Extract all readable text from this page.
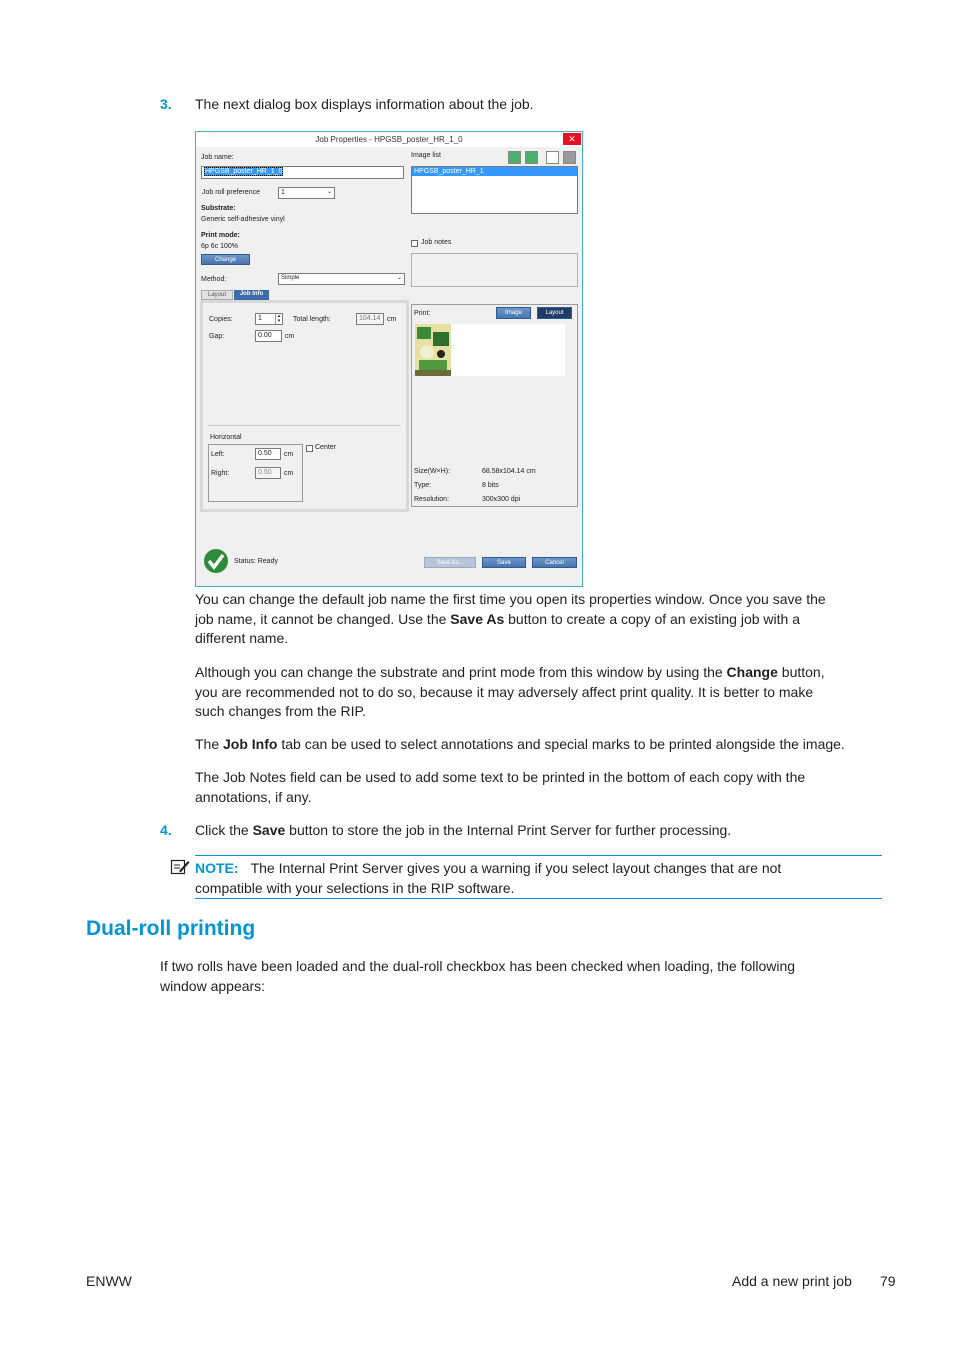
3. The next dialog box displays information about the job.
Job Properties - HPGSB_poster_HR_1_0	✕
Job name:
HPGSB_poster_HR_1_0
Job roll preference	1	⌄
Substrate:
Generic self-adhesive vinyl
Print mode:
6p 6c 100%
Change
Method:	Simple	⌄
Layout	Job Info
Copies:	1	▴
▾ Total length:	104.14 cm
Gap:	0.00	cm
Horizontal
Left:	0.50	cm
Right:	0.50	cm
Center
Image list
HPGSB_poster_HR_1
Job notes
Print:	Image	Layout
Size(W×H):	68.58x104.14 cm
Type:	8 bits
Resolution:	300x300 dpi
Status: Ready	Save As...	Save	Cancel
You can change the default job name the first time you open its properties window. Once you save the
job name, it cannot be changed. Use the Save As button to create a copy of an existing job with a
different name.
Although you can change the substrate and print mode from this window by using the Change button,
you are recommended not to do so, because it may adversely affect print quality. It is better to make
such changes from the RIP.
The Job Info tab can be used to select annotations and special marks to be printed alongside the image.
The Job Notes field can be used to add some text to be printed in the bottom of each copy with the
annotations, if any.
4. Click the Save button to store the job in the Internal Print Server for further processing.
NOTE: The Internal Print Server gives you a warning if you select layout changes that are not
compatible with your selections in the RIP software.
Dual-roll printing
If two rolls have been loaded and the dual-roll checkbox has been checked when loading, the following
window appears:
ENWW	Add a new print job 79
